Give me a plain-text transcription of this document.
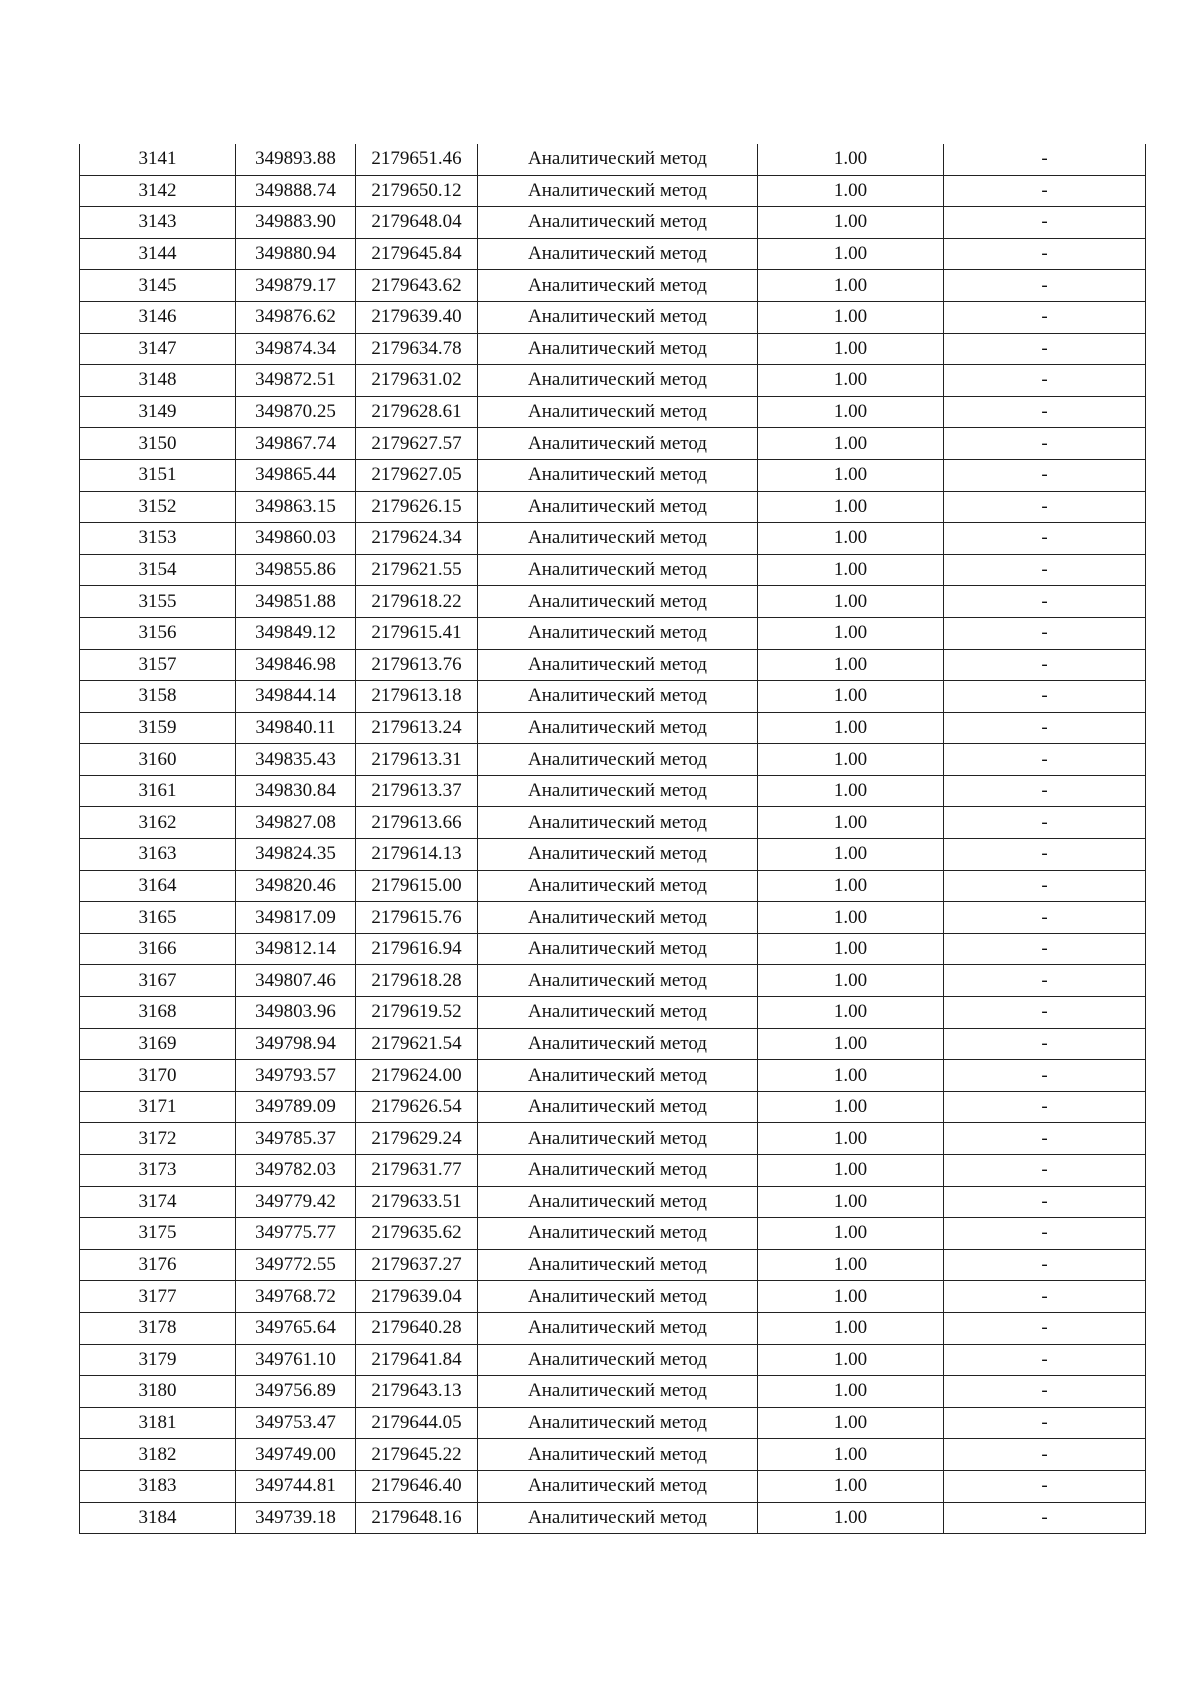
3141	349893.88	2179651.46	Аналитический метод	1.00	-
3142	349888.74	2179650.12	Аналитический метод	1.00	-
3143	349883.90	2179648.04	Аналитический метод	1.00	-
3144	349880.94	2179645.84	Аналитический метод	1.00	-
3145	349879.17	2179643.62	Аналитический метод	1.00	-
3146	349876.62	2179639.40	Аналитический метод	1.00	-
3147	349874.34	2179634.78	Аналитический метод	1.00	-
3148	349872.51	2179631.02	Аналитический метод	1.00	-
3149	349870.25	2179628.61	Аналитический метод	1.00	-
3150	349867.74	2179627.57	Аналитический метод	1.00	-
3151	349865.44	2179627.05	Аналитический метод	1.00	-
3152	349863.15	2179626.15	Аналитический метод	1.00	-
3153	349860.03	2179624.34	Аналитический метод	1.00	-
3154	349855.86	2179621.55	Аналитический метод	1.00	-
3155	349851.88	2179618.22	Аналитический метод	1.00	-
3156	349849.12	2179615.41	Аналитический метод	1.00	-
3157	349846.98	2179613.76	Аналитический метод	1.00	-
3158	349844.14	2179613.18	Аналитический метод	1.00	-
3159	349840.11	2179613.24	Аналитический метод	1.00	-
3160	349835.43	2179613.31	Аналитический метод	1.00	-
3161	349830.84	2179613.37	Аналитический метод	1.00	-
3162	349827.08	2179613.66	Аналитический метод	1.00	-
3163	349824.35	2179614.13	Аналитический метод	1.00	-
3164	349820.46	2179615.00	Аналитический метод	1.00	-
3165	349817.09	2179615.76	Аналитический метод	1.00	-
3166	349812.14	2179616.94	Аналитический метод	1.00	-
3167	349807.46	2179618.28	Аналитический метод	1.00	-
3168	349803.96	2179619.52	Аналитический метод	1.00	-
3169	349798.94	2179621.54	Аналитический метод	1.00	-
3170	349793.57	2179624.00	Аналитический метод	1.00	-
3171	349789.09	2179626.54	Аналитический метод	1.00	-
3172	349785.37	2179629.24	Аналитический метод	1.00	-
3173	349782.03	2179631.77	Аналитический метод	1.00	-
3174	349779.42	2179633.51	Аналитический метод	1.00	-
3175	349775.77	2179635.62	Аналитический метод	1.00	-
3176	349772.55	2179637.27	Аналитический метод	1.00	-
3177	349768.72	2179639.04	Аналитический метод	1.00	-
3178	349765.64	2179640.28	Аналитический метод	1.00	-
3179	349761.10	2179641.84	Аналитический метод	1.00	-
3180	349756.89	2179643.13	Аналитический метод	1.00	-
3181	349753.47	2179644.05	Аналитический метод	1.00	-
3182	349749.00	2179645.22	Аналитический метод	1.00	-
3183	349744.81	2179646.40	Аналитический метод	1.00	-
3184	349739.18	2179648.16	Аналитический метод	1.00	-
